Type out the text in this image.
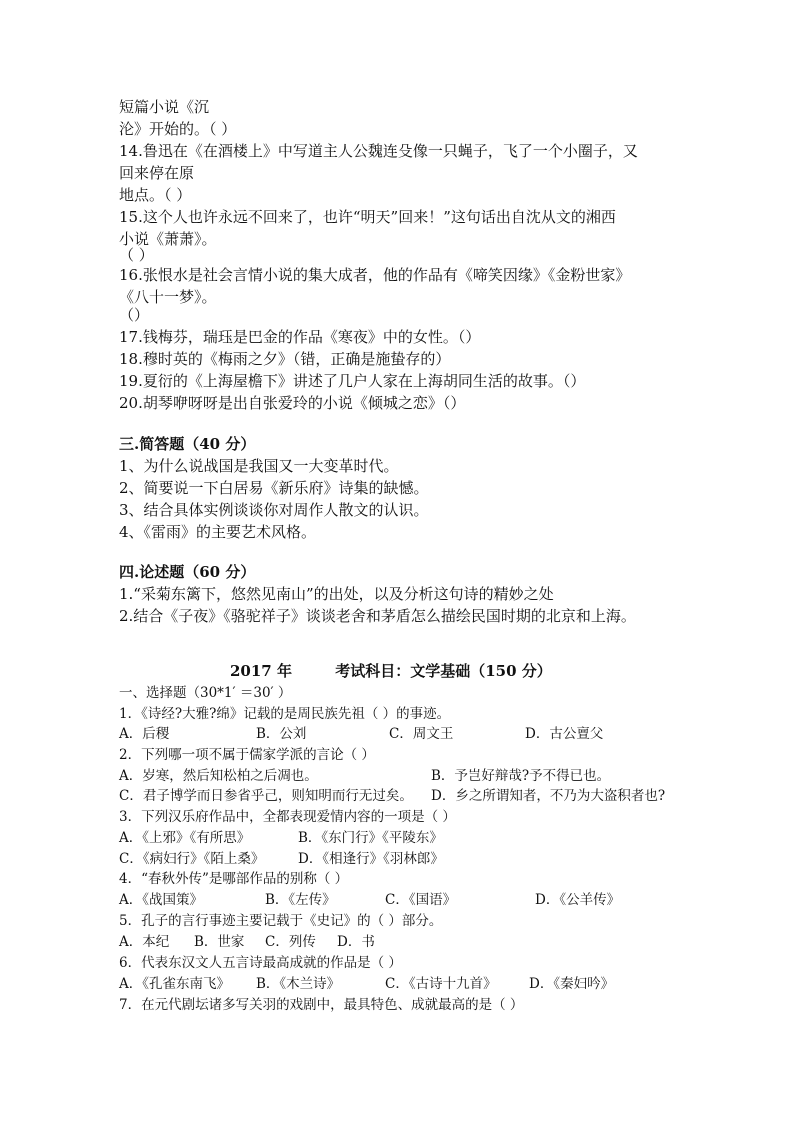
短篇小说《沉
沦》开始的。（ ）
14.鲁迅在《在酒楼上》中写道主人公魏连殳像一只蝇子，飞了一个小圈子，又
回来停在原
地点。（ ）
15.这个人也许永远不回来了，也许“明天”回来！”这句话出自沈从文的湘西
小说《萧萧》。
（ ）
16.张恨水是社会言情小说的集大成者，他的作品有《啼笑因缘》《金粉世家》
《八十一梦》。
（）
17.钱梅芬，瑞珏是巴金的作品《寒夜》中的女性。（）
18.穆时英的《梅雨之夕》（错，正确是施蛰存的）
19.夏衍的《上海屋檐下》讲述了几户人家在上海胡同生活的故事。（）
20.胡琴咿呀呀是出自张爱玲的小说《倾城之恋》（）
三.简答题（40 分）
1、为什么说战国是我国又一大变革时代。
2、简要说一下白居易《新乐府》诗集的缺憾。
3、结合具体实例谈谈你对周作人散文的认识。
4、《雷雨》的主要艺术风格。
四.论述题（60 分）
1.“采菊东篱下，悠然见南山”的出处，以及分析这句诗的精妙之处
2.结合《子夜》《骆驼祥子》谈谈老舍和茅盾怎么描绘民国时期的北京和上海。
2017 年	考试科目：文学基础（150 分）
一、选择题（30*1′ ＝30′ ）
1．《诗经?大雅?绵》记载的是周民族先祖（ ）的事迹。
A．后稷	B．公刘	C．周文王	D．古公亶父
2．下列哪一项不属于儒家学派的言论（ ）
A．岁寒，然后知松柏之后凋也。	B．予岂好辩哉?予不得已也。
C．君子博学而日参省乎己，则知明而行无过矣。 D．乡之所谓知者，不乃为大盗积者也?
3．下列汉乐府作品中，全都表现爱情内容的一项是（ ）
A．《上邪》《有所思》	B．《东门行》《平陵东》
C．《病妇行》《陌上桑》 D．《相逢行》《羽林郎》
4．“春秋外传”是哪部作品的别称（ ）
A．《战国策》	B．《左传》	C．《国语》	D．《公羊传》
5．孔子的言行事迹主要记载于《史记》的（ ）部分。
A．本纪 B．世家 C．列传 D．书
6．代表东汉文人五言诗最高成就的作品是（ ）
A．《孔雀东南飞》 B．《木兰诗》	C．《古诗十九首》 D．《秦妇吟》
7．在元代剧坛诸多写关羽的戏剧中，最具特色、成就最高的是（ ）
